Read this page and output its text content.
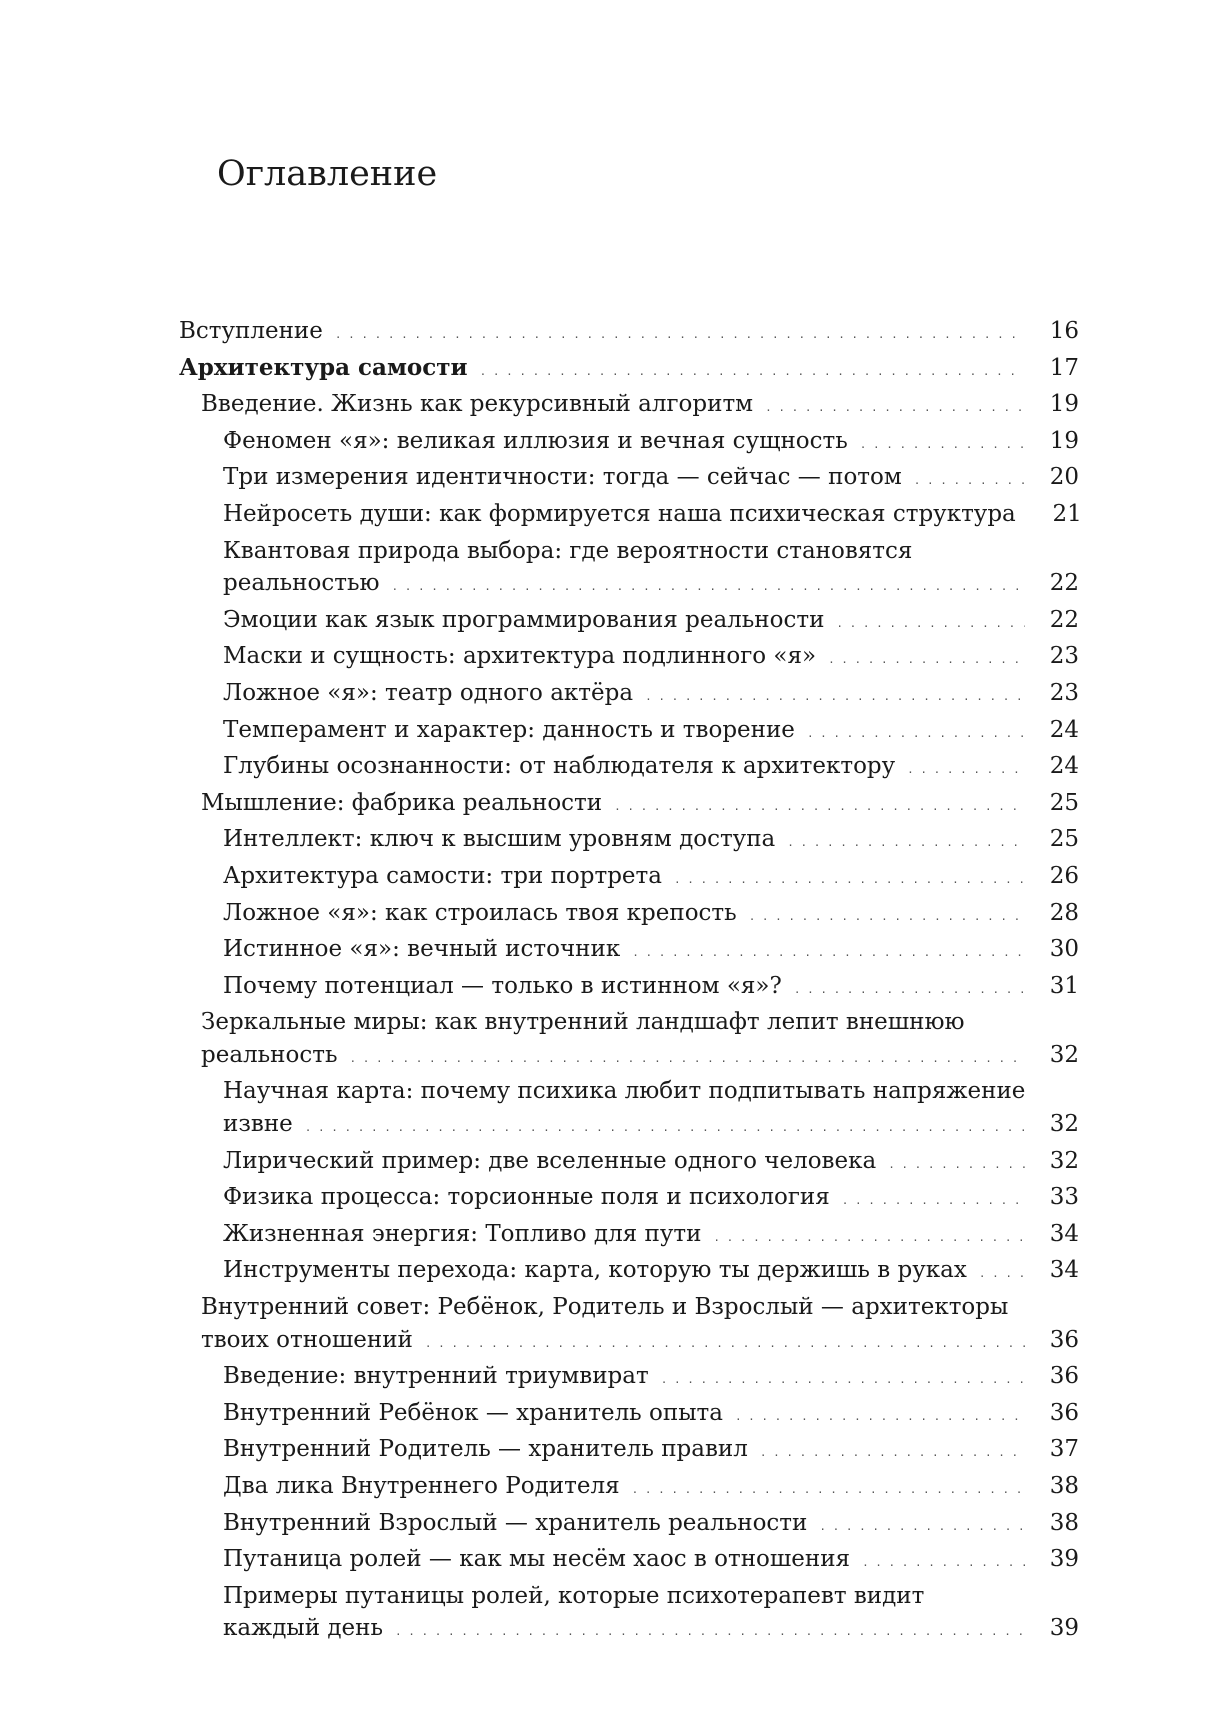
Оглавление
Вступление . . .	16
Архитектура самости . . .	17
Введение. Жизнь как рекурсивный алгоритм . . .	19
Феномен «я»: великая иллюзия и вечная сущность . . .	19
Три измерения идентичности: тогда — сейчас — потом . . .	20
Нейросеть души: как формируется наша психическая структура 21
Квантовая природа выбора: где вероятности становятся
реальностью . . .	22
Эмоции как язык программирования реальности . . .	22
Маски и сущность: архитектура подлинного «я» . . .	23
Ложное «я»: театр одного актёра . . .	23
Темперамент и характер: данность и творение . . .	24
Глубины осознанности: от наблюдателя к архитектору . . .	24
Мышление: фабрика реальности . . .	25
Интеллект: ключ к высшим уровням доступа . . .	25
Архитектура самости: три портрета . . .	26
Ложное «я»: как строилась твоя крепость . . .	28
Истинное «я»: вечный источник . . .	30
Почему потенциал — только в истинном «я»? . . .	31
Зеркальные миры: как внутренний ландшафт лепит внешнюю
реальность . . .	32
Научная карта: почему психика любит подпитывать напряжение
извне . . .	32
Лирический пример: две вселенные одного человека . . .	32
Физика процесса: торсионные поля и психология . . .	33
Жизненная энергия: Топливо для пути . . .	34
Инструменты перехода: карта, которую ты держишь в руках . . .	34
Внутренний совет: Ребёнок, Родитель и Взрослый — архитекторы
твоих отношений . . .	36
Введение: внутренний триумвират . . .	36
Внутренний Ребёнок — хранитель опыта . . .	36
Внутренний Родитель — хранитель правил . . .	37
Два лика Внутреннего Родителя . . .	38
Внутренний Взрослый — хранитель реальности . . .	38
Путаница ролей — как мы несём хаос в отношения . . .	39
Примеры путаницы ролей, которые психотерапевт видит
каждый день . . .	39
